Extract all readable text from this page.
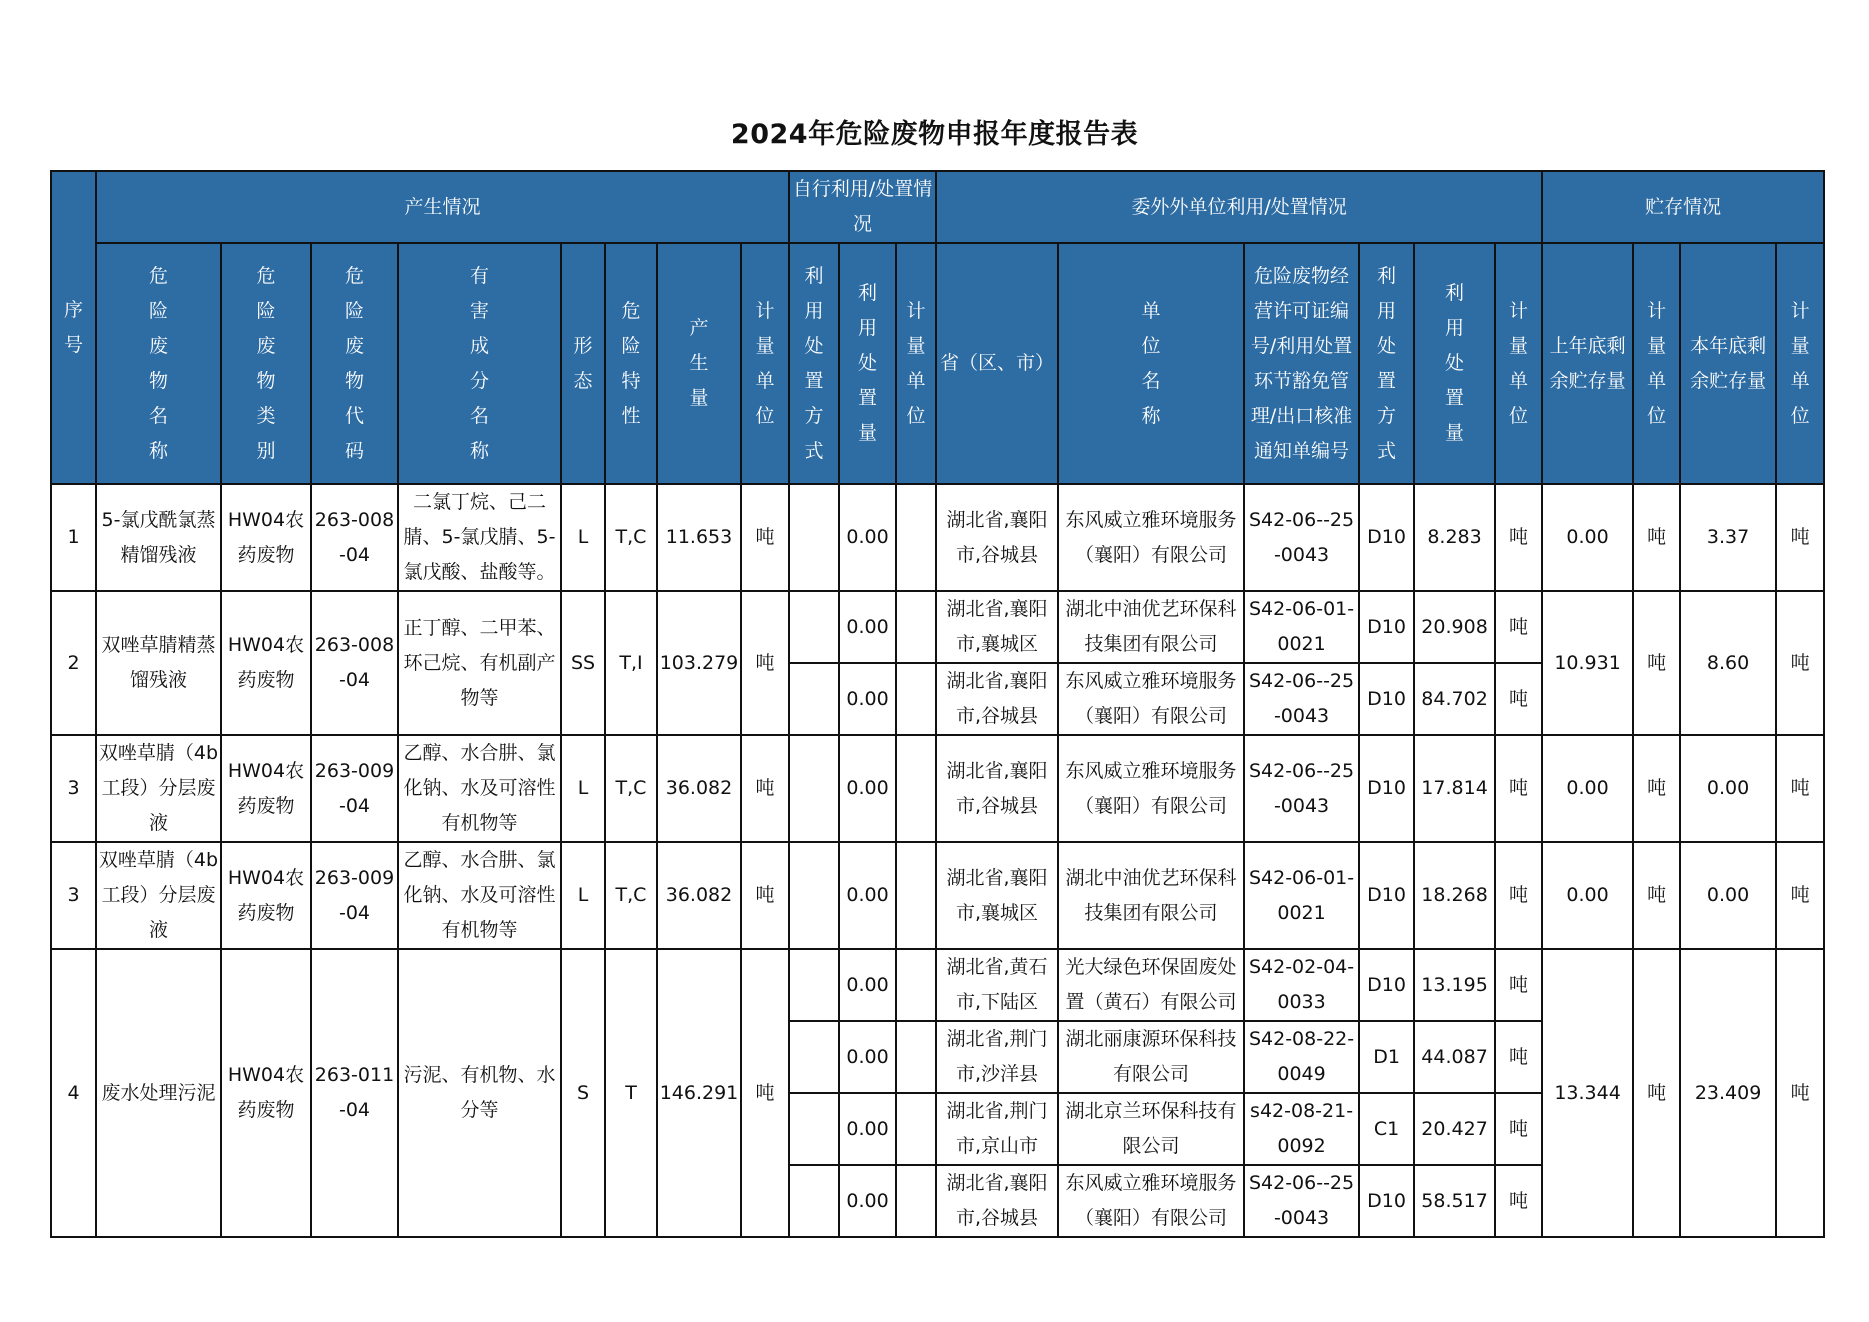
2024年危险废物申报年度报告表
序号	产生情况								自行利用/处置情况			委外外单位利用/处置情况						贮存情况			
	危险废物名称	危险废物类别	危险废物代码	有害成分名称	形态	危险特性	产生量	计量单位	利用处置方式	利用处置量	计量单位	省（区、市）	单位名称	危险废物经营许可证编号/利用处置环节豁免管理/出口核准通知单编号	利用处置方式	利用处置量	计量单位	上年底剩余贮存量	计量单位	本年底剩余贮存量	计量单位
1	5-氯戊酰氯蒸精馏残液	HW04农药废物	263-008-04	二氯丁烷、己二腈、5-氯戊腈、5-氯戊酸、盐酸等。	L	T,C	11.653	吨		0.00		湖北省,襄阳市,谷城县	东风威立雅环境服务（襄阳）有限公司	S42-06--25-0043	D10	8.283	吨	0.00	吨	3.37	吨
2	双唑草腈精蒸馏残液	HW04农药废物	263-008-04	正丁醇、二甲苯、环己烷、有机副产物等	SS	T,I	103.279	吨		0.00		湖北省,襄阳市,襄城区	湖北中油优艺环保科技集团有限公司	S42-06-01-0021	D10	20.908	吨	10.931	吨	8.60	吨
										0.00		湖北省,襄阳市,谷城县	东风威立雅环境服务（襄阳）有限公司	S42-06--25-0043	D10	84.702	吨				
3	双唑草腈（4b工段）分层废液	HW04农药废物	263-009-04	乙醇、水合肼、氯化钠、水及可溶性有机物等	L	T,C	36.082	吨		0.00		湖北省,襄阳市,谷城县	东风威立雅环境服务（襄阳）有限公司	S42-06--25-0043	D10	17.814	吨	0.00	吨	0.00	吨
3	双唑草腈（4b工段）分层废液	HW04农药废物	263-009-04	乙醇、水合肼、氯化钠、水及可溶性有机物等	L	T,C	36.082	吨		0.00		湖北省,襄阳市,襄城区	湖北中油优艺环保科技集团有限公司	S42-06-01-0021	D10	18.268	吨	0.00	吨	0.00	吨
4	废水处理污泥	HW04农药废物	263-011-04	污泥、有机物、水分等	S	T	146.291	吨		0.00		湖北省,黄石市,下陆区	光大绿色环保固废处置（黄石）有限公司	S42-02-04-0033	D10	13.195	吨	13.344	吨	23.409	吨
										0.00		湖北省,荆门市,沙洋县	湖北丽康源环保科技有限公司	S42-08-22-0049	D1	44.087	吨				
										0.00		湖北省,荆门市,京山市	湖北京兰环保科技有限公司	s42-08-21-0092	C1	20.427	吨				
										0.00		湖北省,襄阳市,谷城县	东风威立雅环境服务（襄阳）有限公司	S42-06--25-0043	D10	58.517	吨				
